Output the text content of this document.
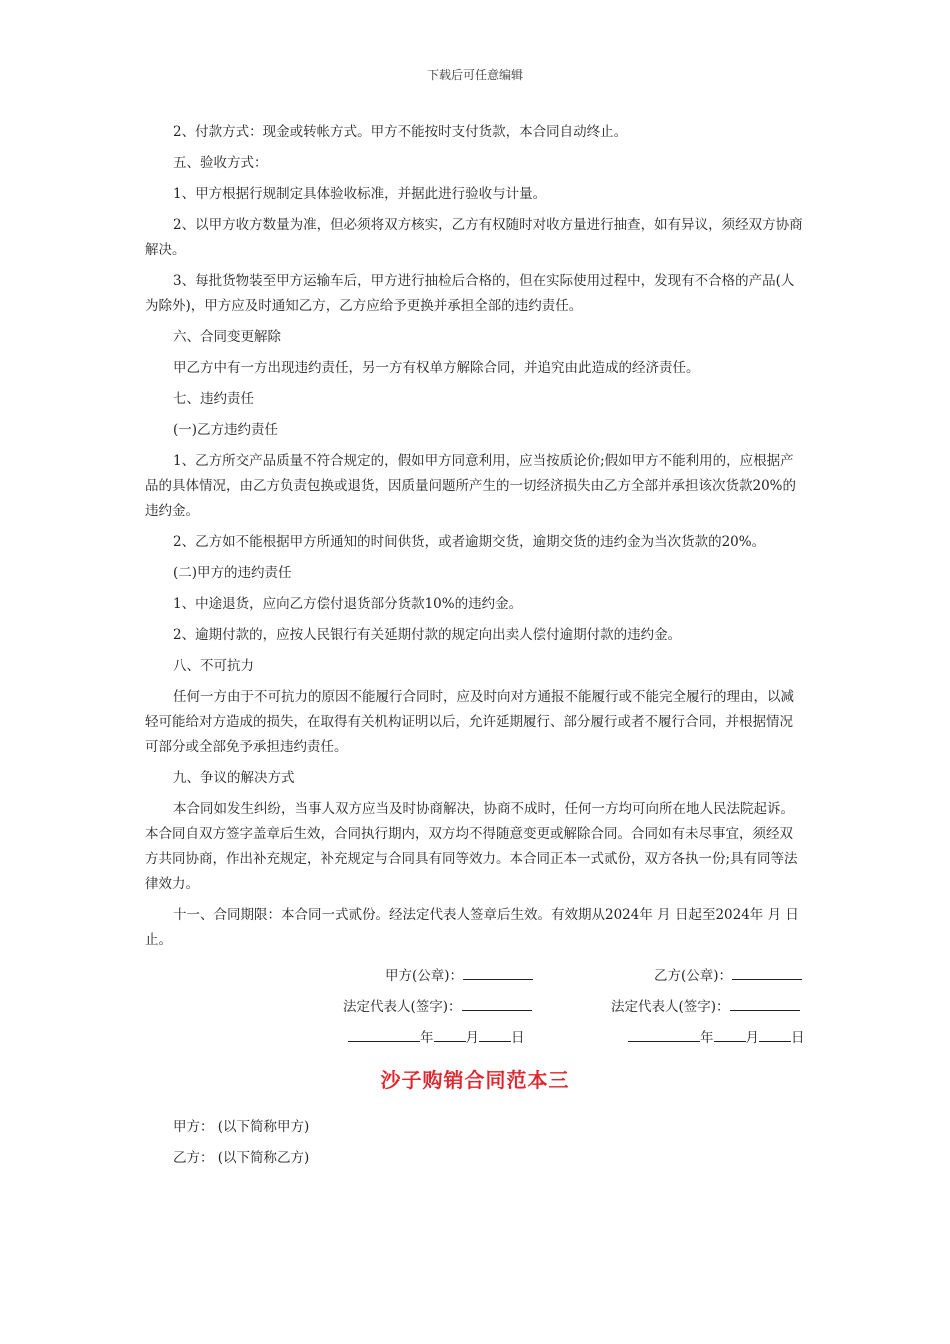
下载后可任意编辑

2、付款方式：现金或转帐方式。甲方不能按时支付货款，本合同自动终止。

五、验收方式：

1、甲方根据行规制定具体验收标准，并据此进行验收与计量。

2、以甲方收方数量为准，但必须将双方核实，乙方有权随时对收方量进行抽查，如有异议，须经双方协商解决。

3、每批货物装至甲方运输车后，甲方进行抽检后合格的，但在实际使用过程中，发现有不合格的产品(人为除外)，甲方应及时通知乙方，乙方应给予更换并承担全部的违约责任。

六、合同变更解除

甲乙方中有一方出现违约责任，另一方有权单方解除合同，并追究由此造成的经济责任。

七、违约责任

(一)乙方违约责任

1、乙方所交产品质量不符合规定的，假如甲方同意利用，应当按质论价;假如甲方不能利用的，应根据产品的具体情况，由乙方负责包换或退货，因质量问题所产生的一切经济损失由乙方全部并承担该次货款20%的违约金。

2、乙方如不能根据甲方所通知的时间供货，或者逾期交货，逾期交货的违约金为当次货款的20%。

(二)甲方的违约责任

1、中途退货，应向乙方偿付退货部分货款10%的违约金。

2、逾期付款的，应按人民银行有关延期付款的规定向出卖人偿付逾期付款的违约金。

八、不可抗力

任何一方由于不可抗力的原因不能履行合同时，应及时向对方通报不能履行或不能完全履行的理由，以减轻可能给对方造成的损失，在取得有关机构证明以后，允许延期履行、部分履行或者不履行合同，并根据情况可部分或全部免予承担违约责任。

九、争议的解决方式

本合同如发生纠纷，当事人双方应当及时协商解决，协商不成时，任何一方均可向所在地人民法院起诉。本合同自双方签字盖章后生效，合同执行期内，双方均不得随意变更或解除合同。合同如有未尽事宜，须经双方共同协商，作出补充规定，补充规定与合同具有同等效力。本合同正本一式贰份，双方各执一份;具有同等法律效力。

十一、合同期限：本合同一式贰份。经法定代表人签章后生效。有效期从2024年 月 日起至2024年 月 日止。

甲方(公章)：	乙方(公章)：
法定代表人(签字)：	法定代表人(签字)：
年 月 日	年 月 日
沙子购销合同范本三
甲方： (以下简称甲方)
乙方： (以下简称乙方)
